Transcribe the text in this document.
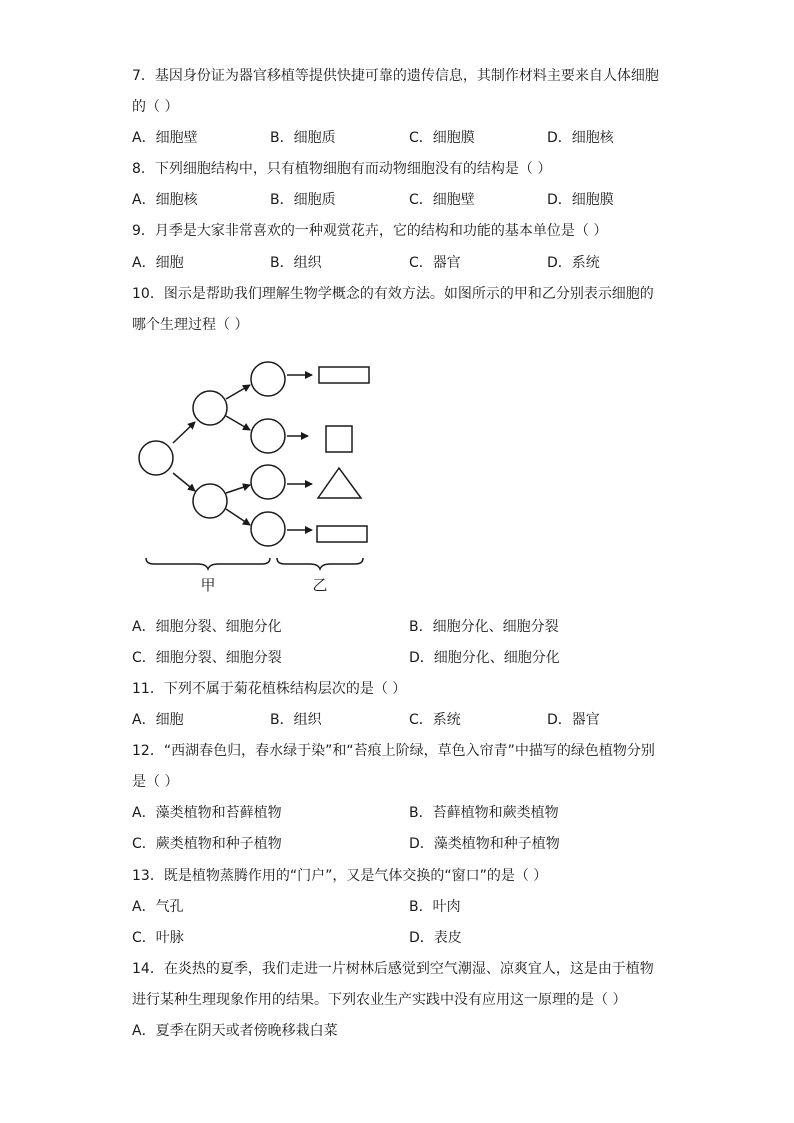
7．基因身份证为器官移植等提供快捷可靠的遗传信息，其制作材料主要来自人体细胞
的（ ）
A．细胞壁	B．细胞质	C．细胞膜	D．细胞核
8．下列细胞结构中，只有植物细胞有而动物细胞没有的结构是（ ）
A．细胞核	B．细胞质	C．细胞壁	D．细胞膜
9．月季是大家非常喜欢的一种观赏花卉，它的结构和功能的基本单位是（ ）
A．细胞	B．组织	C．器官	D．系统
10．图示是帮助我们理解生物学概念的有效方法。如图所示的甲和乙分别表示细胞的
哪个生理过程（ ）
甲	乙
A．细胞分裂、细胞分化	B．细胞分化、细胞分裂
C．细胞分裂、细胞分裂	D．细胞分化、细胞分化
11．下列不属于菊花植株结构层次的是（ ）
A．细胞	B．组织	C．系统	D．器官
12．“西湖春色归，春水绿于染”和“苔痕上阶绿，草色入帘青”中描写的绿色植物分别
是（ ）
A．藻类植物和苔藓植物	B．苔藓植物和蕨类植物
C．蕨类植物和种子植物	D．藻类植物和种子植物
13．既是植物蒸腾作用的“门户”，又是气体交换的“窗口”的是（ ）
A．气孔	B．叶肉
C．叶脉	D．表皮
14．在炎热的夏季，我们走进一片树林后感觉到空气潮湿、凉爽宜人，这是由于植物
进行某种生理现象作用的结果。下列农业生产实践中没有应用这一原理的是（ ）
A．夏季在阴天或者傍晚移栽白菜
